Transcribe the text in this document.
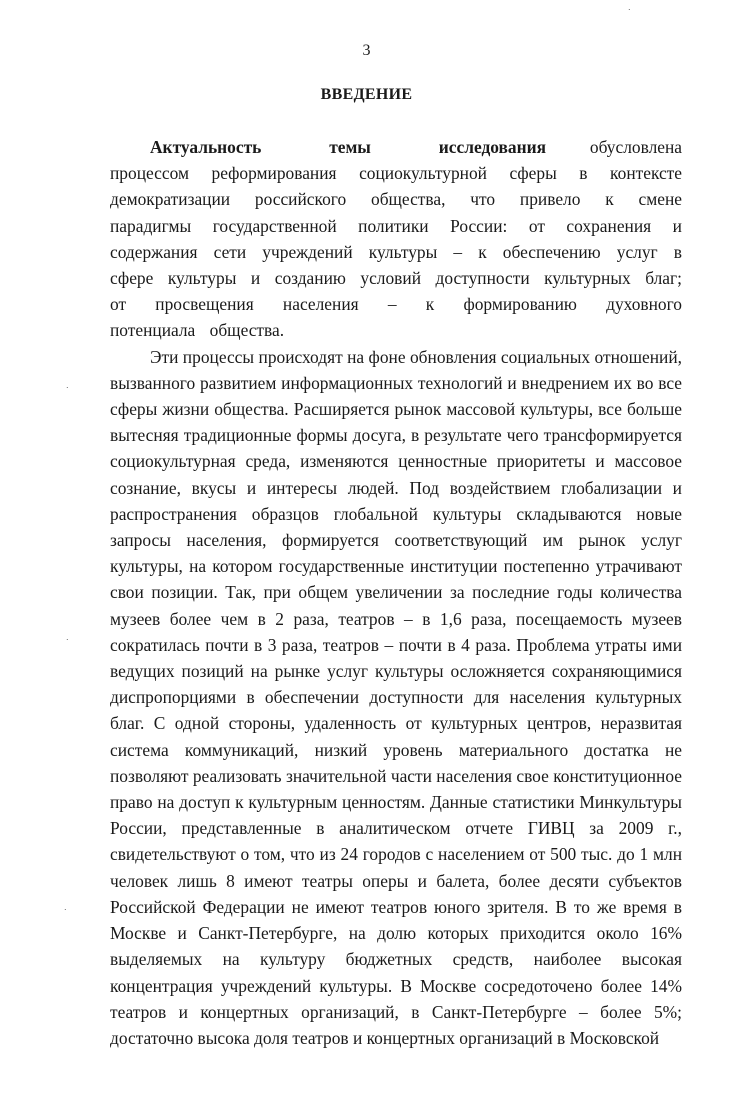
.
.
.
.
3
ВВЕДЕНИЕ

Актуальность темы исследования обусловлена процессом реформирования социокультурной сферы в контексте демократизации российского общества, что привело к смене парадигмы государственной политики России: от сохранения и содержания сети учреждений культуры – к обеспечению услуг в сфере культуры и созданию условий доступности культурных благ; от просвещения населения – к формированию духовного потенциала общества.

Эти процессы происходят на фоне обновления социальных отношений, вызванного развитием информационных технологий и внедрением их во все сферы жизни общества. Расширяется рынок массовой культуры, все больше вытесняя традиционные формы досуга, в результате чего трансформируется социокультурная среда, изменяются ценностные приоритеты и массовое сознание, вкусы и интересы людей. Под воздействием глобализации и распространения образцов глобальной культуры складываются новые запросы населения, формируется соответствующий им рынок услуг культуры, на котором государственные институции постепенно утрачивают свои позиции. Так, при общем увеличении за последние годы количества музеев более чем в 2 раза, театров – в 1,6 раза, посещаемость музеев сократилась почти в 3 раза, театров – почти в 4 раза. Проблема утраты ими ведущих позиций на рынке услуг культуры осложняется сохраняющимися диспропорциями в обеспечении доступности для населения культурных благ. С одной стороны, удаленность от культурных центров, неразвитая система коммуникаций, низкий уровень материального достатка не позволяют реализовать значительной части населения свое конституционное право на доступ к культурным ценностям. Данные статистики Минкультуры России, представленные в аналитическом отчете ГИВЦ за 2009 г., свидетельствуют о том, что из 24 городов с населением от 500 тыс. до 1 млн человек лишь 8 имеют театры оперы и балета, более десяти субъектов Российской Федерации не имеют театров юного зрителя. В то же время в Москве и Санкт-Петербурге, на долю которых приходится около 16% выделяемых на культуру бюджетных средств, наиболее высокая концентрация учреждений культуры. В Москве сосредоточено более 14% театров и концертных организаций, в Санкт-Петербурге – более 5%; достаточно высока доля театров и концертных организаций в Московской
